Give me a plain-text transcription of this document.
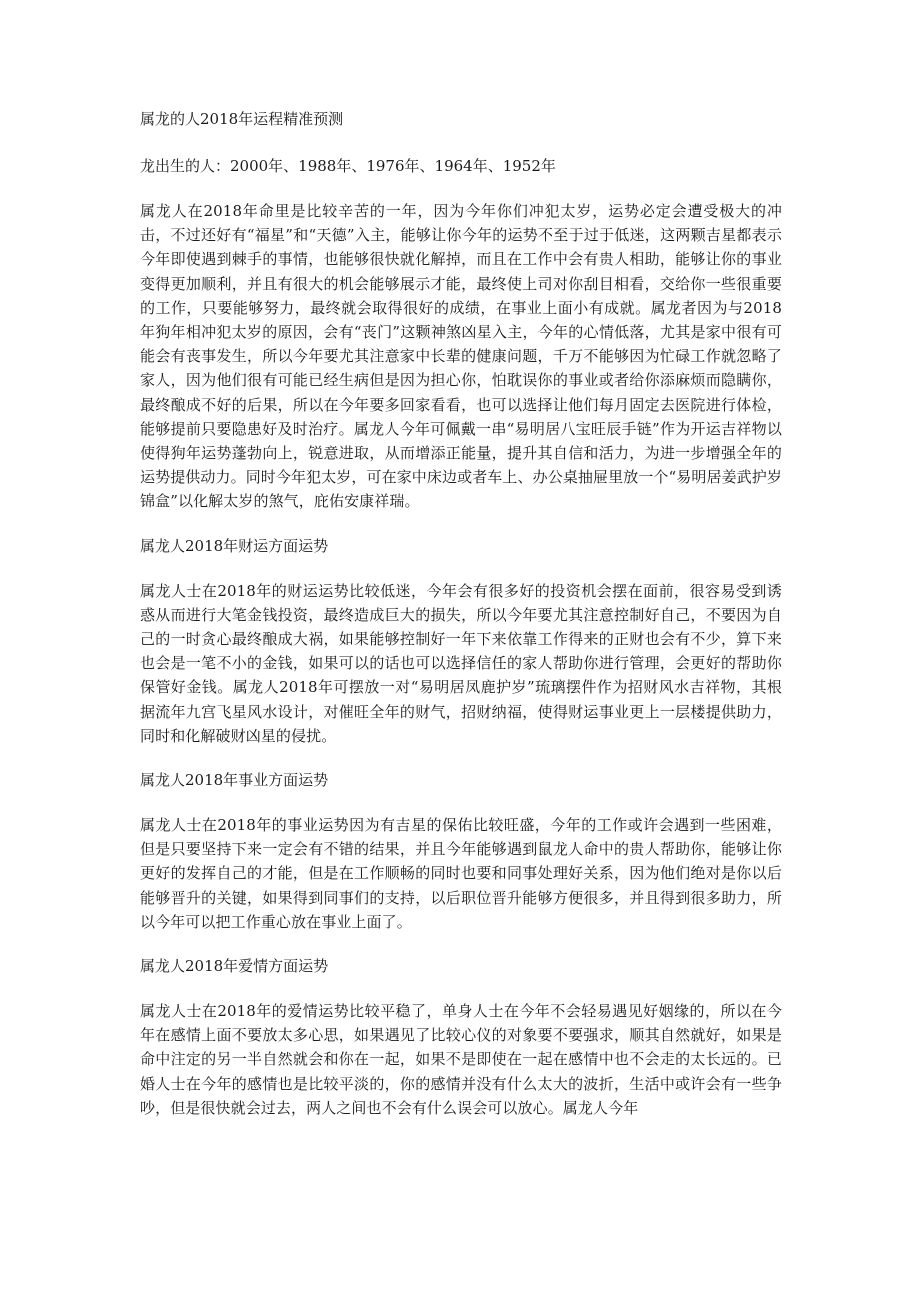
属龙的人2018年运程精准预测
龙出生的人：2000年、1988年、1976年、1964年、1952年
属龙人在2018年命里是比较辛苦的一年，因为今年你们冲犯太岁，运势必定会遭受极大的冲击，不过还好有“福星”和“天德”入主，能够让你今年的运势不至于过于低迷，这两颗吉星都表示今年即使遇到棘手的事情，也能够很快就化解掉，而且在工作中会有贵人相助，能够让你的事业变得更加顺利，并且有很大的机会能够展示才能，最终使上司对你刮目相看，交给你一些很重要的工作，只要能够努力，最终就会取得很好的成绩，在事业上面小有成就。属龙者因为与2018年狗年相冲犯太岁的原因，会有“丧门”这颗神煞凶星入主，今年的心情低落，尤其是家中很有可能会有丧事发生，所以今年要尤其注意家中长辈的健康问题，千万不能够因为忙碌工作就忽略了家人，因为他们很有可能已经生病但是因为担心你，怕耽误你的事业或者给你添麻烦而隐瞒你，最终酿成不好的后果，所以在今年要多回家看看，也可以选择让他们每月固定去医院进行体检，能够提前只要隐患好及时治疗。属龙人今年可佩戴一串“易明居八宝旺辰手链”作为开运吉祥物以使得狗年运势蓬勃向上，锐意进取，从而增添正能量，提升其自信和活力，为进一步增强全年的运势提供动力。同时今年犯太岁，可在家中床边或者车上、办公桌抽屉里放一个“易明居姜武护岁锦盒”以化解太岁的煞气，庇佑安康祥瑞。
属龙人2018年财运方面运势
属龙人士在2018年的财运运势比较低迷，今年会有很多好的投资机会摆在面前，很容易受到诱惑从而进行大笔金钱投资，最终造成巨大的损失，所以今年要尤其注意控制好自己，不要因为自己的一时贪心最终酿成大祸，如果能够控制好一年下来依靠工作得来的正财也会有不少，算下来也会是一笔不小的金钱，如果可以的话也可以选择信任的家人帮助你进行管理，会更好的帮助你保管好金钱。属龙人2018年可摆放一对“易明居凤鹿护岁”琉璃摆件作为招财风水吉祥物，其根据流年九宫飞星风水设计，对催旺全年的财气，招财纳福，使得财运事业更上一层楼提供助力，同时和化解破财凶星的侵扰。
属龙人2018年事业方面运势
属龙人士在2018年的事业运势因为有吉星的保佑比较旺盛，今年的工作或许会遇到一些困难，但是只要坚持下来一定会有不错的结果，并且今年能够遇到鼠龙人命中的贵人帮助你，能够让你更好的发挥自己的才能，但是在工作顺畅的同时也要和同事处理好关系，因为他们绝对是你以后能够晋升的关键，如果得到同事们的支持，以后职位晋升能够方便很多，并且得到很多助力，所以今年可以把工作重心放在事业上面了。
属龙人2018年爱情方面运势
属龙人士在2018年的爱情运势比较平稳了，单身人士在今年不会轻易遇见好姻缘的，所以在今年在感情上面不要放太多心思，如果遇见了比较心仪的对象要不要强求，顺其自然就好，如果是命中注定的另一半自然就会和你在一起，如果不是即使在一起在感情中也不会走的太长远的。已婚人士在今年的感情也是比较平淡的，你的感情并没有什么太大的波折，生活中或许会有一些争吵，但是很快就会过去，两人之间也不会有什么误会可以放心。属龙人今年
